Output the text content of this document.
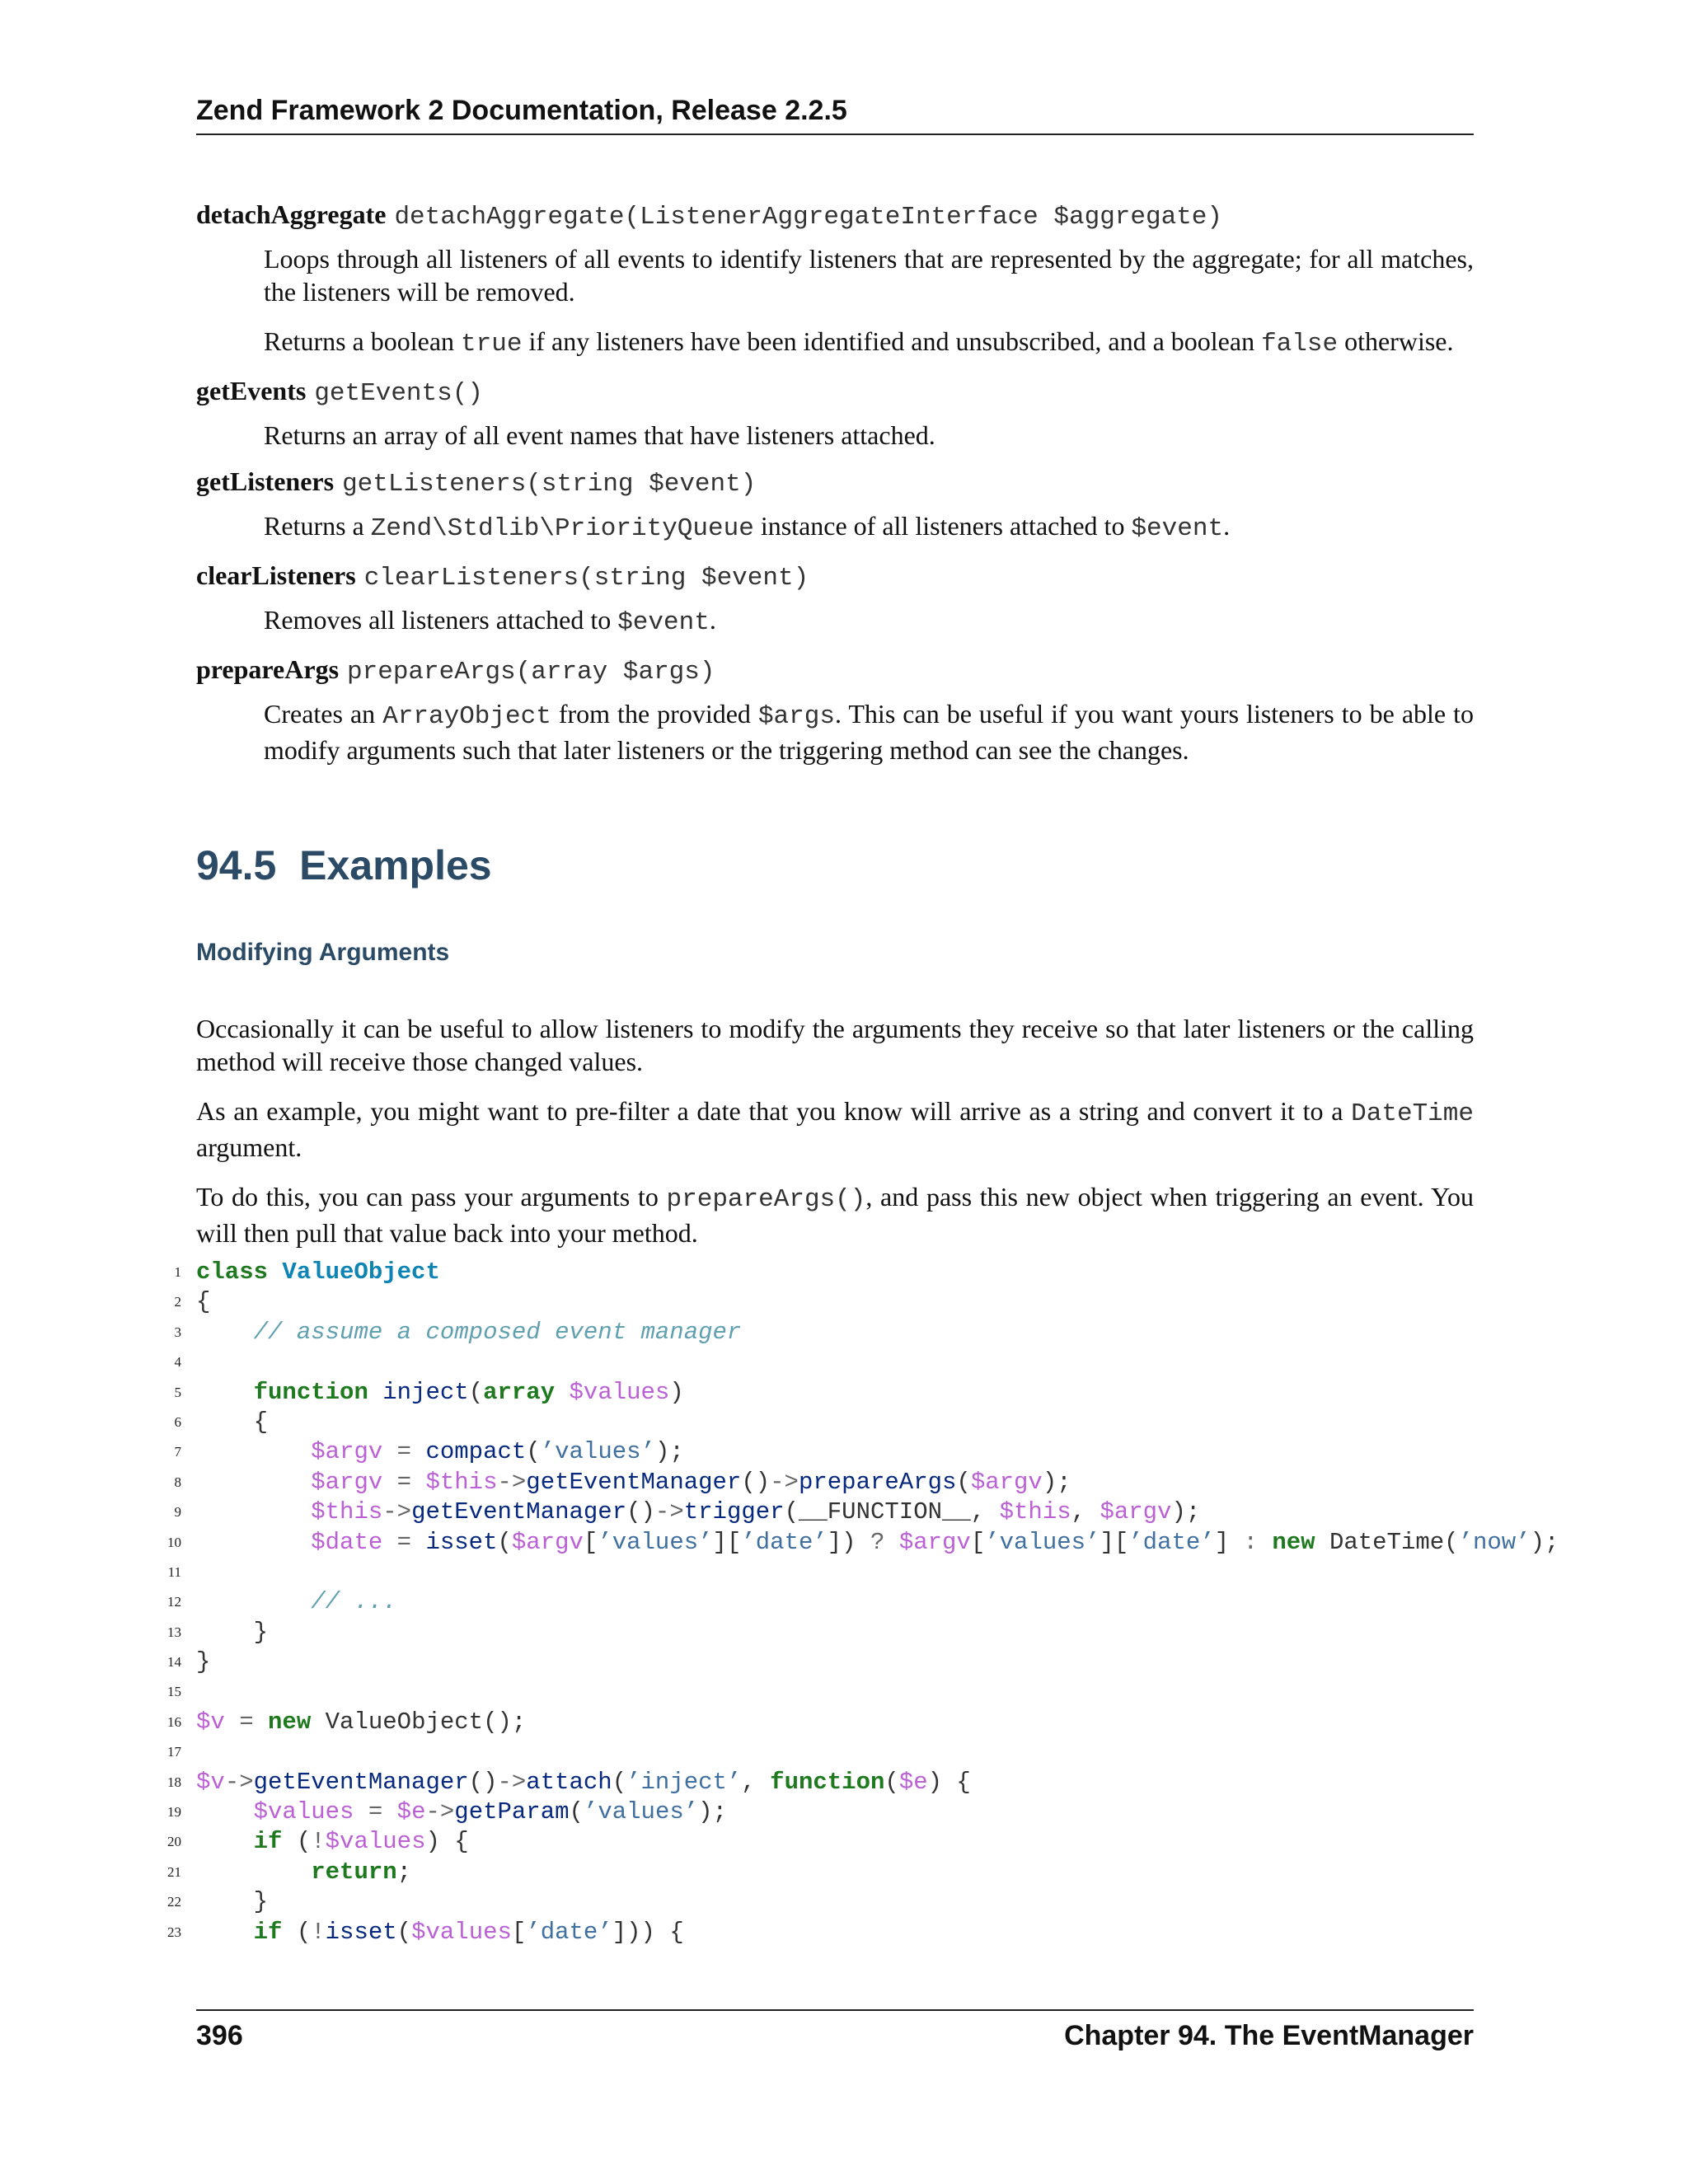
Zend Framework 2 Documentation, Release 2.2.5

detachAggregate detachAggregate(ListenerAggregateInterface $aggregate)

Loops through all listeners of all events to identify listeners that are represented by the aggregate; for all matches, the listeners will be removed.

Returns a boolean true if any listeners have been identified and unsubscribed, and a boolean false otherwise.

getEvents getEvents()

Returns an array of all event names that have listeners attached.

getListeners getListeners(string $event)

Returns a Zend\Stdlib\PriorityQueue instance of all listeners attached to $event.

clearListeners clearListeners(string $event)

Removes all listeners attached to $event.

prepareArgs prepareArgs(array $args)

Creates an ArrayObject from the provided $args. This can be useful if you want yours listeners to be able to modify arguments such that later listeners or the triggering method can see the changes.

94.5 Examples
Modifying Arguments

Occasionally it can be useful to allow listeners to modify the arguments they receive so that later listeners or the calling method will receive those changed values.

As an example, you might want to pre-filter a date that you know will arrive as a string and convert it to a DateTime argument.

To do this, you can pass your arguments to prepareArgs(), and pass this new object when triggering an event. You will then pull that value back into your method.

1 class ValueObject
2 {
3	// assume a composed event manager
4
5	function inject(array $values)
6 {
7	$argv = compact(’values’);
8	$argv = $this->getEventManager()->prepareArgs($argv);
9	$this->getEventManager()->trigger(__FUNCTION__, $this, $argv);
10	$date = isset($argv[’values’][’date’]) ? $argv[’values’][’date’] : new DateTime(’now’);
11
12	// ...
13 }
14 }
15
16 $v = new ValueObject();
17
18 $v->getEventManager()->attach(’inject’, function($e) {
19	$values = $e->getParam(’values’);
20	if (!$values) {
21	return;
22 }
23	if (!isset($values[’date’])) {
396	Chapter 94. The EventManager
